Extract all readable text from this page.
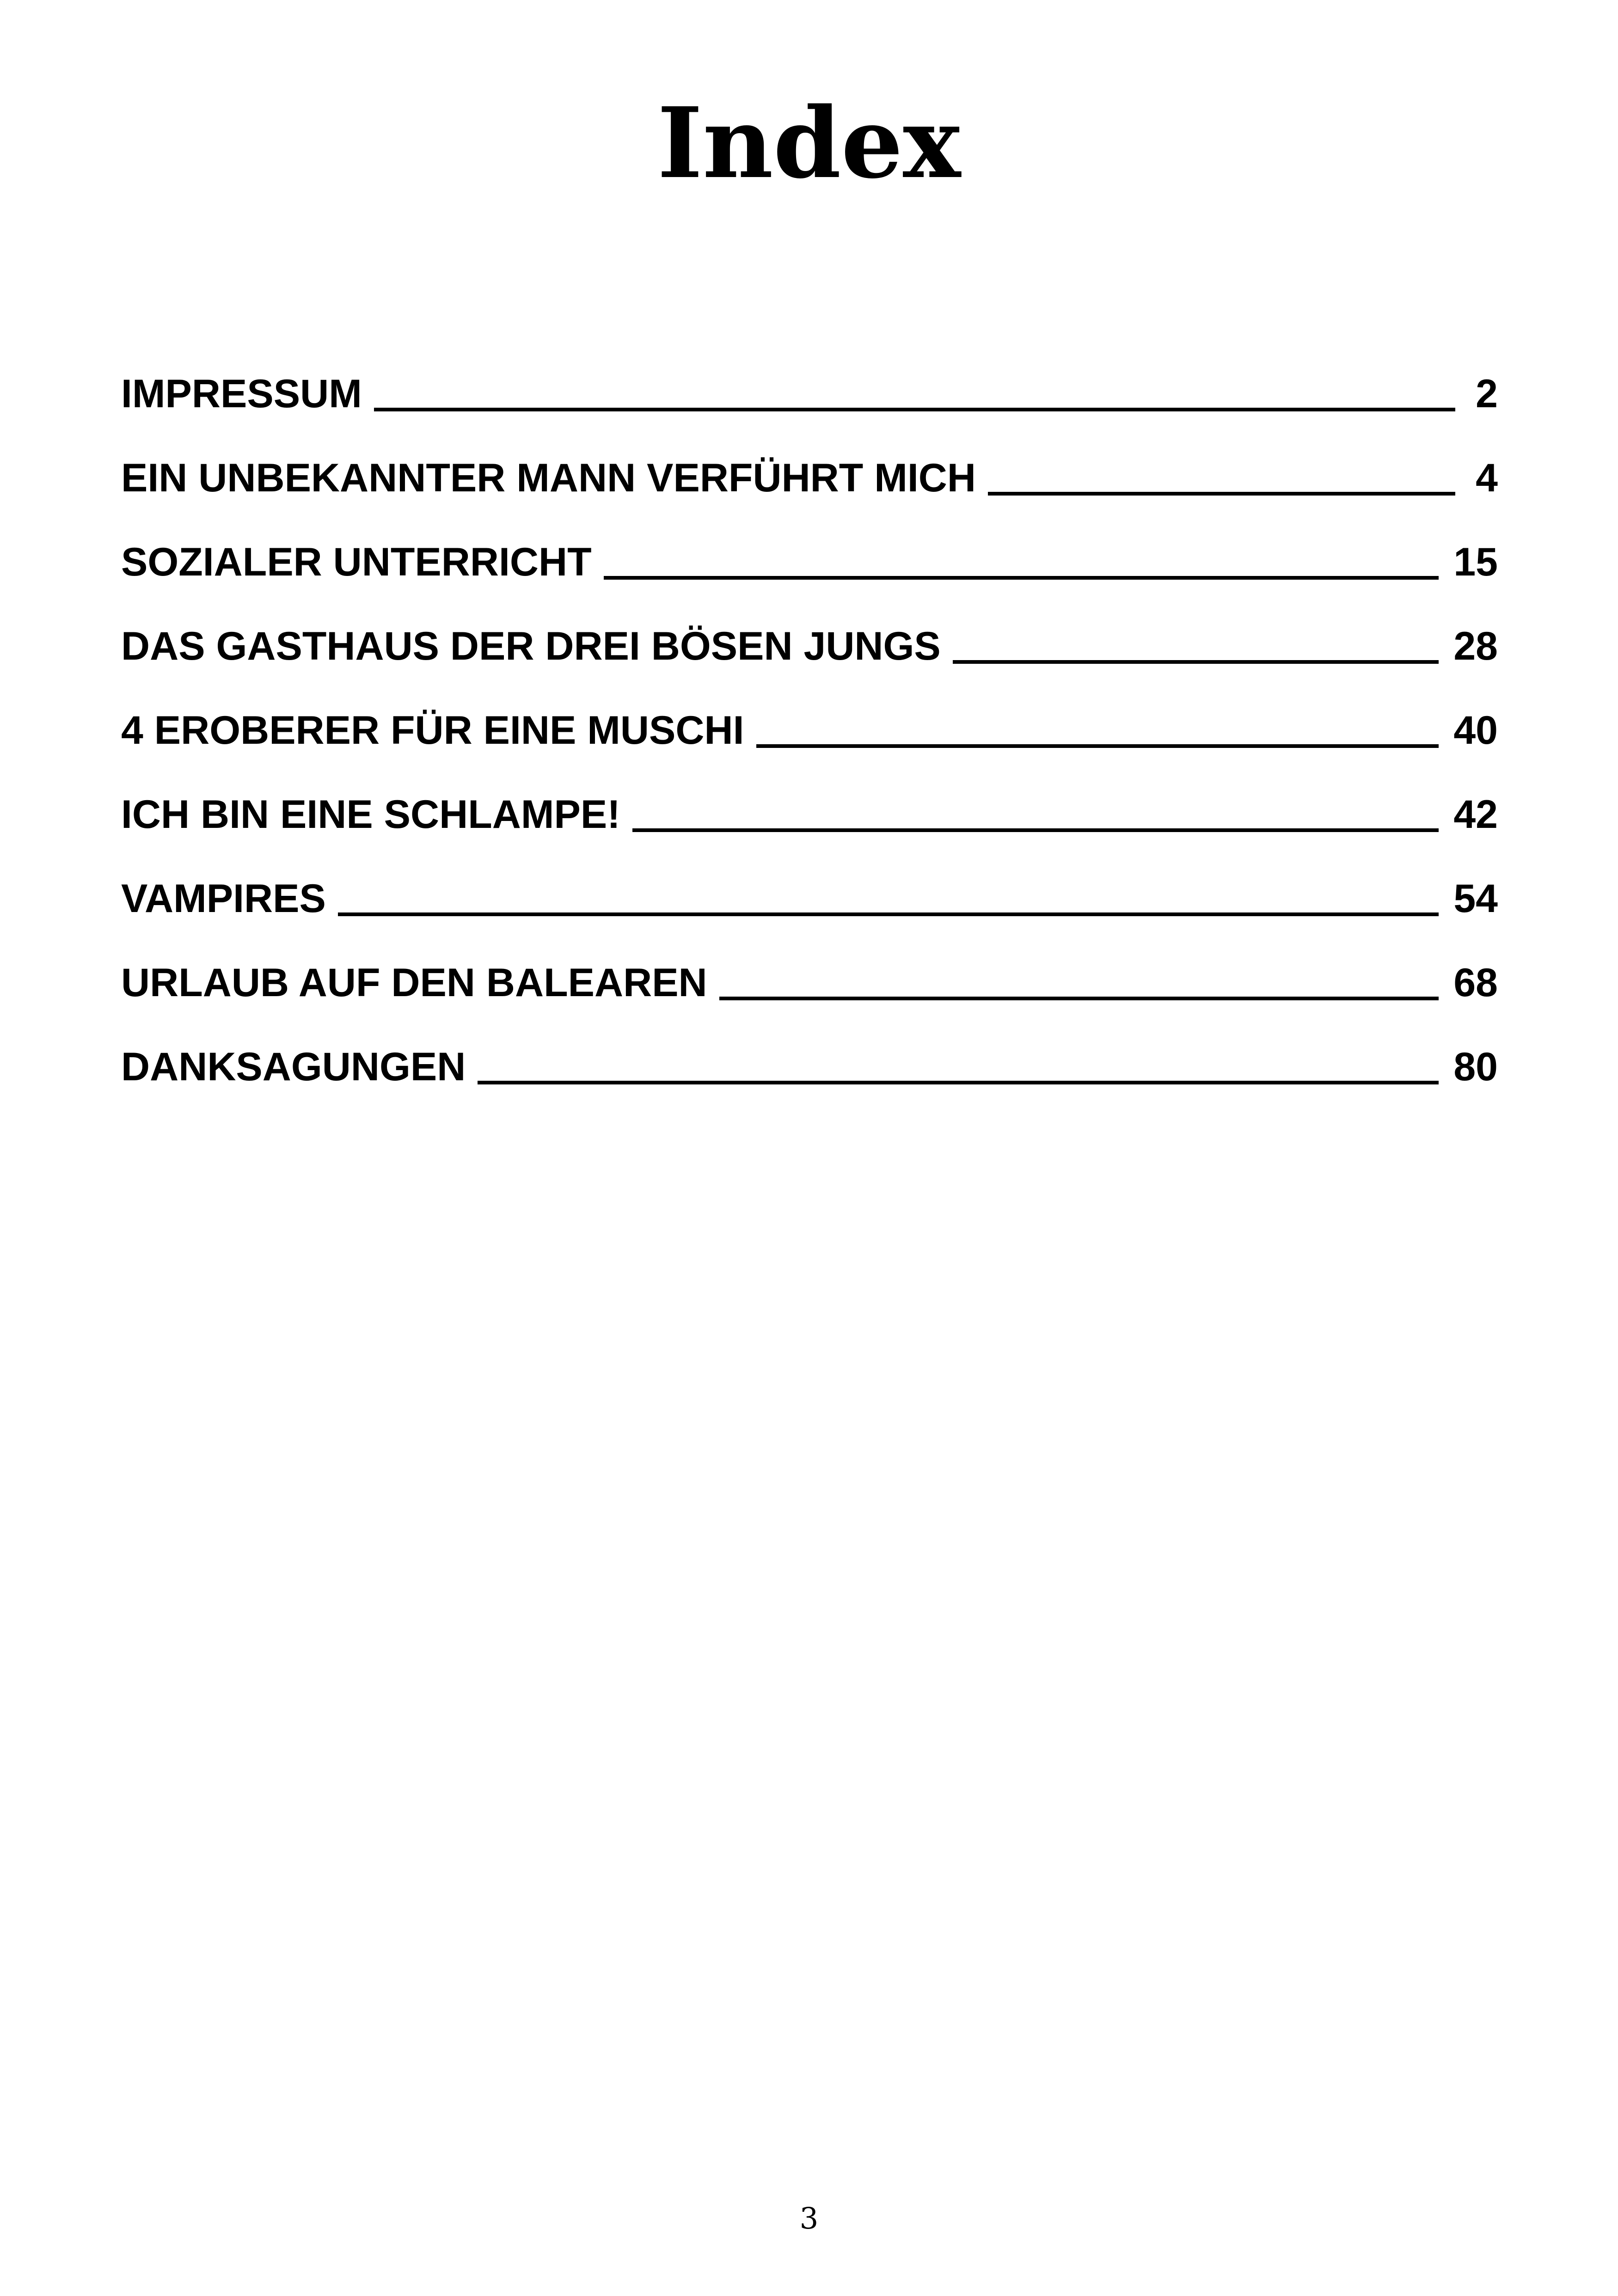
Index
IMPRESSUM	2
EIN UNBEKANNTER MANN VERFÜHRT MICH	4
SOZIALER UNTERRICHT	15
DAS GASTHAUS DER DREI BÖSEN JUNGS	28
4 EROBERER FÜR EINE MUSCHI	40
ICH BIN EINE SCHLAMPE!	42
VAMPIRES	54
URLAUB AUF DEN BALEAREN	68
DANKSAGUNGEN	80
3
